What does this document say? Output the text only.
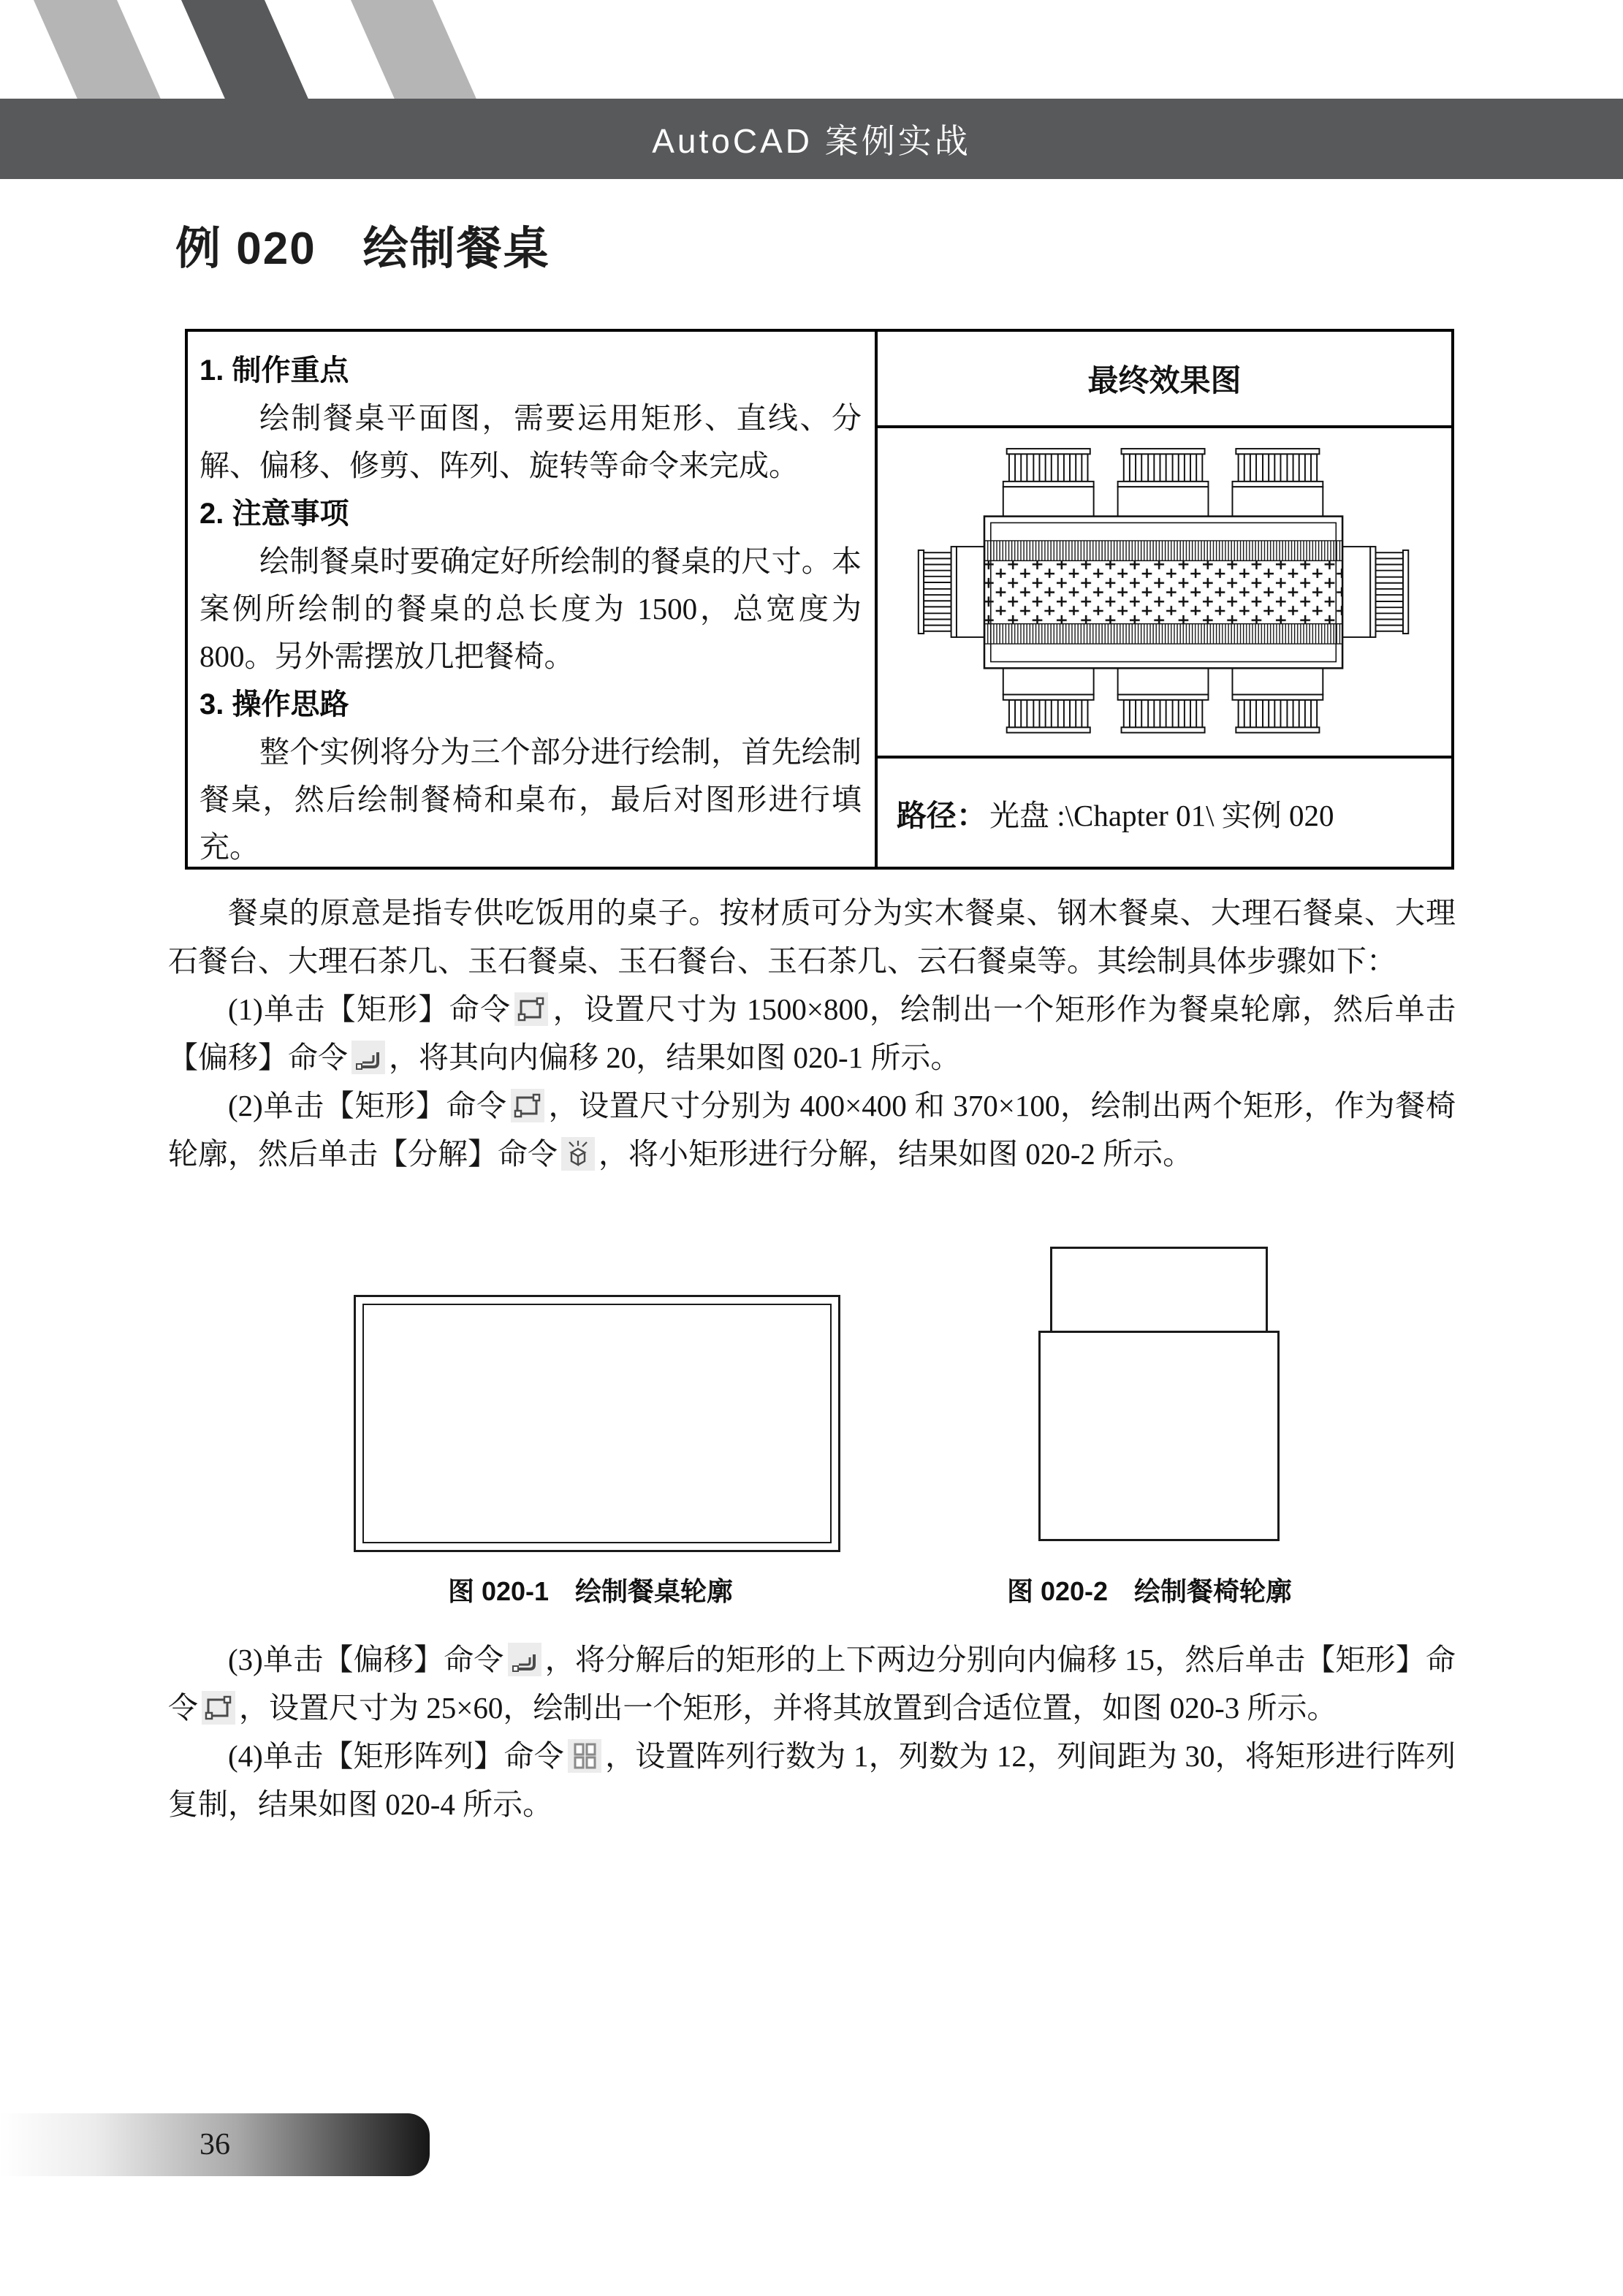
AutoCAD 案例实战
例 020　绘制餐桌
1. 制作重点

绘制餐桌平面图，需要运用矩形、直线、分解、偏移、修剪、阵列、旋转等命令来完成。

2. 注意事项

绘制餐桌时要确定好所绘制的餐桌的尺寸。本案例所绘制的餐桌的总长度为 1500，总宽度为 800。另外需摆放几把餐椅。

3. 操作思路

整个实例将分为三个部分进行绘制，首先绘制餐桌，然后绘制餐椅和桌布，最后对图形进行填充。

最终效果图
路径： 光盘 :\Chapter 01\ 实例 020

餐桌的原意是指专供吃饭用的桌子。按材质可分为实木餐桌、钢木餐桌、大理石餐桌、大理石餐台、大理石茶几、玉石餐桌、玉石餐台、玉石茶几、云石餐桌等。其绘制具体步骤如下：

(1)单击【矩形】命令 ，设置尺寸为 1500×800，绘制出一个矩形作为餐桌轮廓，然后单击【偏移】命令 ，将其向内偏移 20，结果如图 020-1 所示。

(2)单击【矩形】命令 ，设置尺寸分别为 400×400 和 370×100，绘制出两个矩形，作为餐椅轮廓，然后单击【分解】命令 ，将小矩形进行分解，结果如图 020-2 所示。

图 020-1　绘制餐桌轮廓	图 020-2　绘制餐椅轮廓

(3)单击【偏移】命令 ，将分解后的矩形的上下两边分别向内偏移 15，然后单击【矩形】命令 ，设置尺寸为 25×60，绘制出一个矩形，并将其放置到合适位置，如图 020-3 所示。

(4)单击【矩形阵列】命令 ，设置阵列行数为 1，列数为 12，列间距为 30，将矩形进行阵列复制，结果如图 020-4 所示。

36
